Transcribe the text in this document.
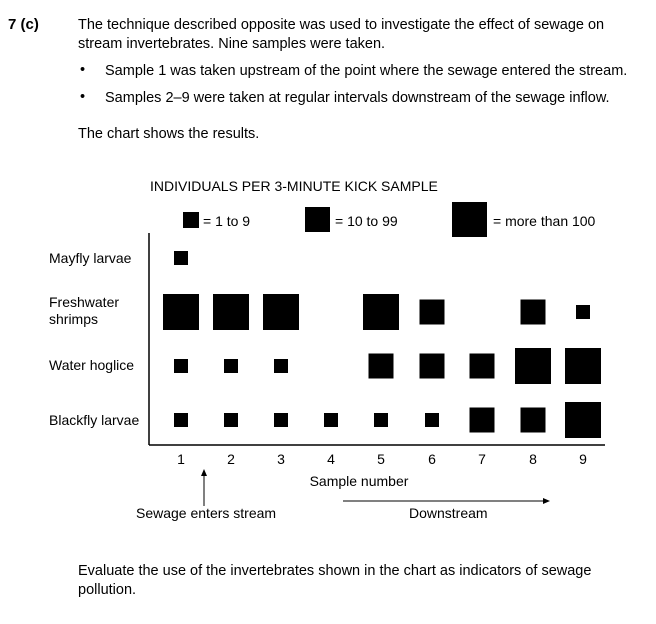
7 (c)	The technique described opposite was used to investigate the effect of sewage on
stream invertebrates. Nine samples were taken.
• Sample 1 was taken upstream of the point where the sewage entered the stream.
• Samples 2–9 were taken at regular intervals downstream of the sewage inflow.
The chart shows the results.
INDIVIDUALS PER 3-MINUTE KICK SAMPLE
= 1 to 9	= 10 to 99	= more than 100
Mayfly larvae
Freshwater
shrimps
Water hoglice
Blackfly larvae
1	2	3	4	5	6	7	8	9
Sample number
Sewage enters stream	Downstream
Evaluate the use of the invertebrates shown in the chart as indicators of sewage
pollution.
